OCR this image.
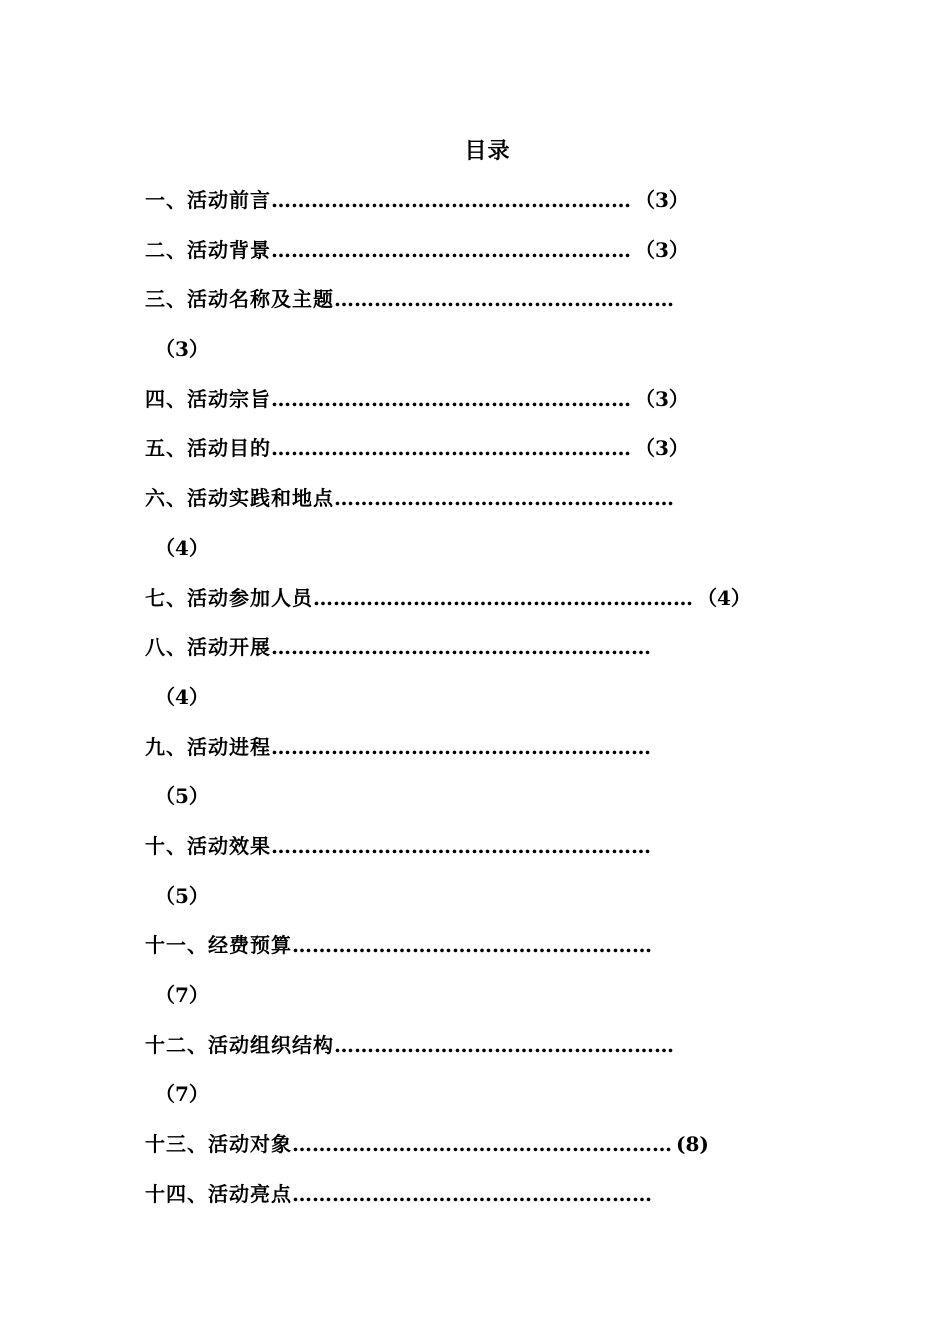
目录
一、活动前言……………………………………………… （3）
二、活动背景……………………………………………… （3）
三、活动名称及主题……………………………………………
（3）
四、活动宗旨……………………………………………… （3）
五、活动目的……………………………………………… （3）
六、活动实践和地点……………………………………………
（4）
七、活动参加人员………………………………………………… （4）
八、活动开展…………………………………………………
（4）
九、活动进程…………………………………………………
（5）
十、活动效果…………………………………………………
（5）
十一、经费预算………………………………………………
（7）
十二、活动组织结构……………………………………………
（7）
十三、活动对象………………………………………………… (8)
十四、活动亮点………………………………………………
